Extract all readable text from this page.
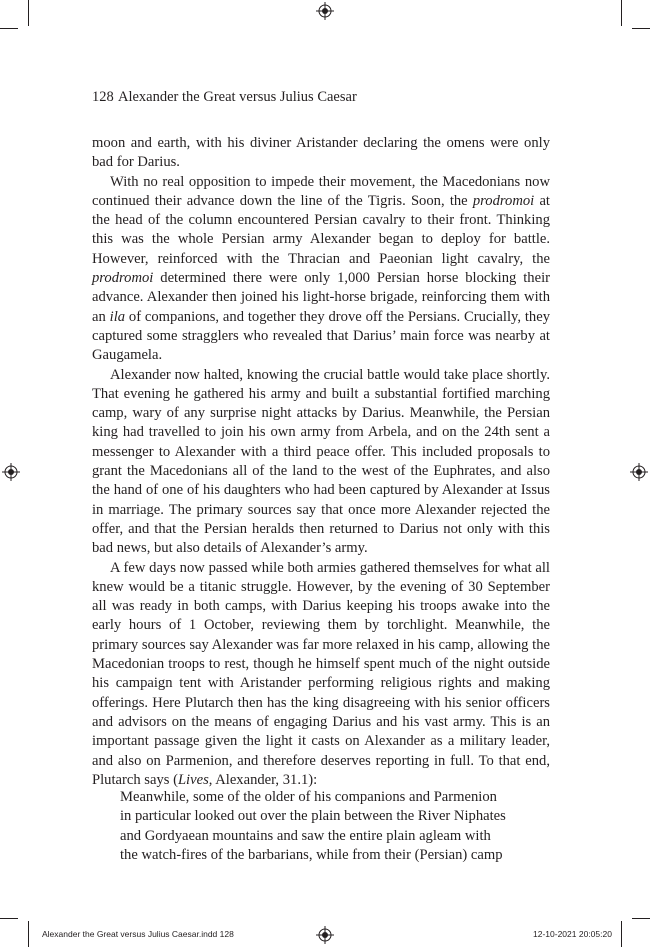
128 Alexander the Great versus Julius Caesar

moon and earth, with his diviner Aristander declaring the omens were only bad for Darius.

With no real opposition to impede their movement, the Macedonians now continued their advance down the line of the Tigris. Soon, the prodromoi at the head of the column encountered Persian cavalry to their front. Thinking this was the whole Persian army Alexander began to deploy for battle. However, reinforced with the Thracian and Paeonian light cavalry, the prodromoi determined there were only 1,000 Persian horse blocking their advance. Alexander then joined his light-horse brigade, reinforcing them with an ila of companions, and together they drove off the Persians. Crucially, they captured some stragglers who revealed that Darius’ main force was nearby at Gaugamela.

Alexander now halted, knowing the crucial battle would take place shortly. That evening he gathered his army and built a substantial fortified marching camp, wary of any surprise night attacks by Darius. Meanwhile, the Persian king had travelled to join his own army from Arbela, and on the 24th sent a messenger to Alexander with a third peace offer. This included proposals to grant the Macedonians all of the land to the west of the Euphrates, and also the hand of one of his daughters who had been captured by Alexander at Issus in marriage. The primary sources say that once more Alexander rejected the offer, and that the Persian heralds then returned to Darius not only with this bad news, but also details of Alexander’s army.

A few days now passed while both armies gathered themselves for what all knew would be a titanic struggle. However, by the evening of 30 September all was ready in both camps, with Darius keeping his troops awake into the early hours of 1 October, reviewing them by torchlight. Meanwhile, the primary sources say Alexander was far more relaxed in his camp, allowing the Macedonian troops to rest, though he himself spent much of the night outside his campaign tent with Aristander performing religious rights and making offerings. Here Plutarch then has the king disagreeing with his senior officers and advisors on the means of engaging Darius and his vast army. This is an important passage given the light it casts on Alexander as a military leader, and also on Parmenion, and therefore deserves reporting in full. To that end, Plutarch says (Lives, Alexander, 31.1):

Meanwhile, some of the older of his companions and Parmenion

in particular looked out over the plain between the River Niphates

and Gordyaean mountains and saw the entire plain agleam with

the watch-fires of the barbarians, while from their (Persian) camp

Alexander the Great versus Julius Caesar.indd 128	12-10-2021 20:05:20
